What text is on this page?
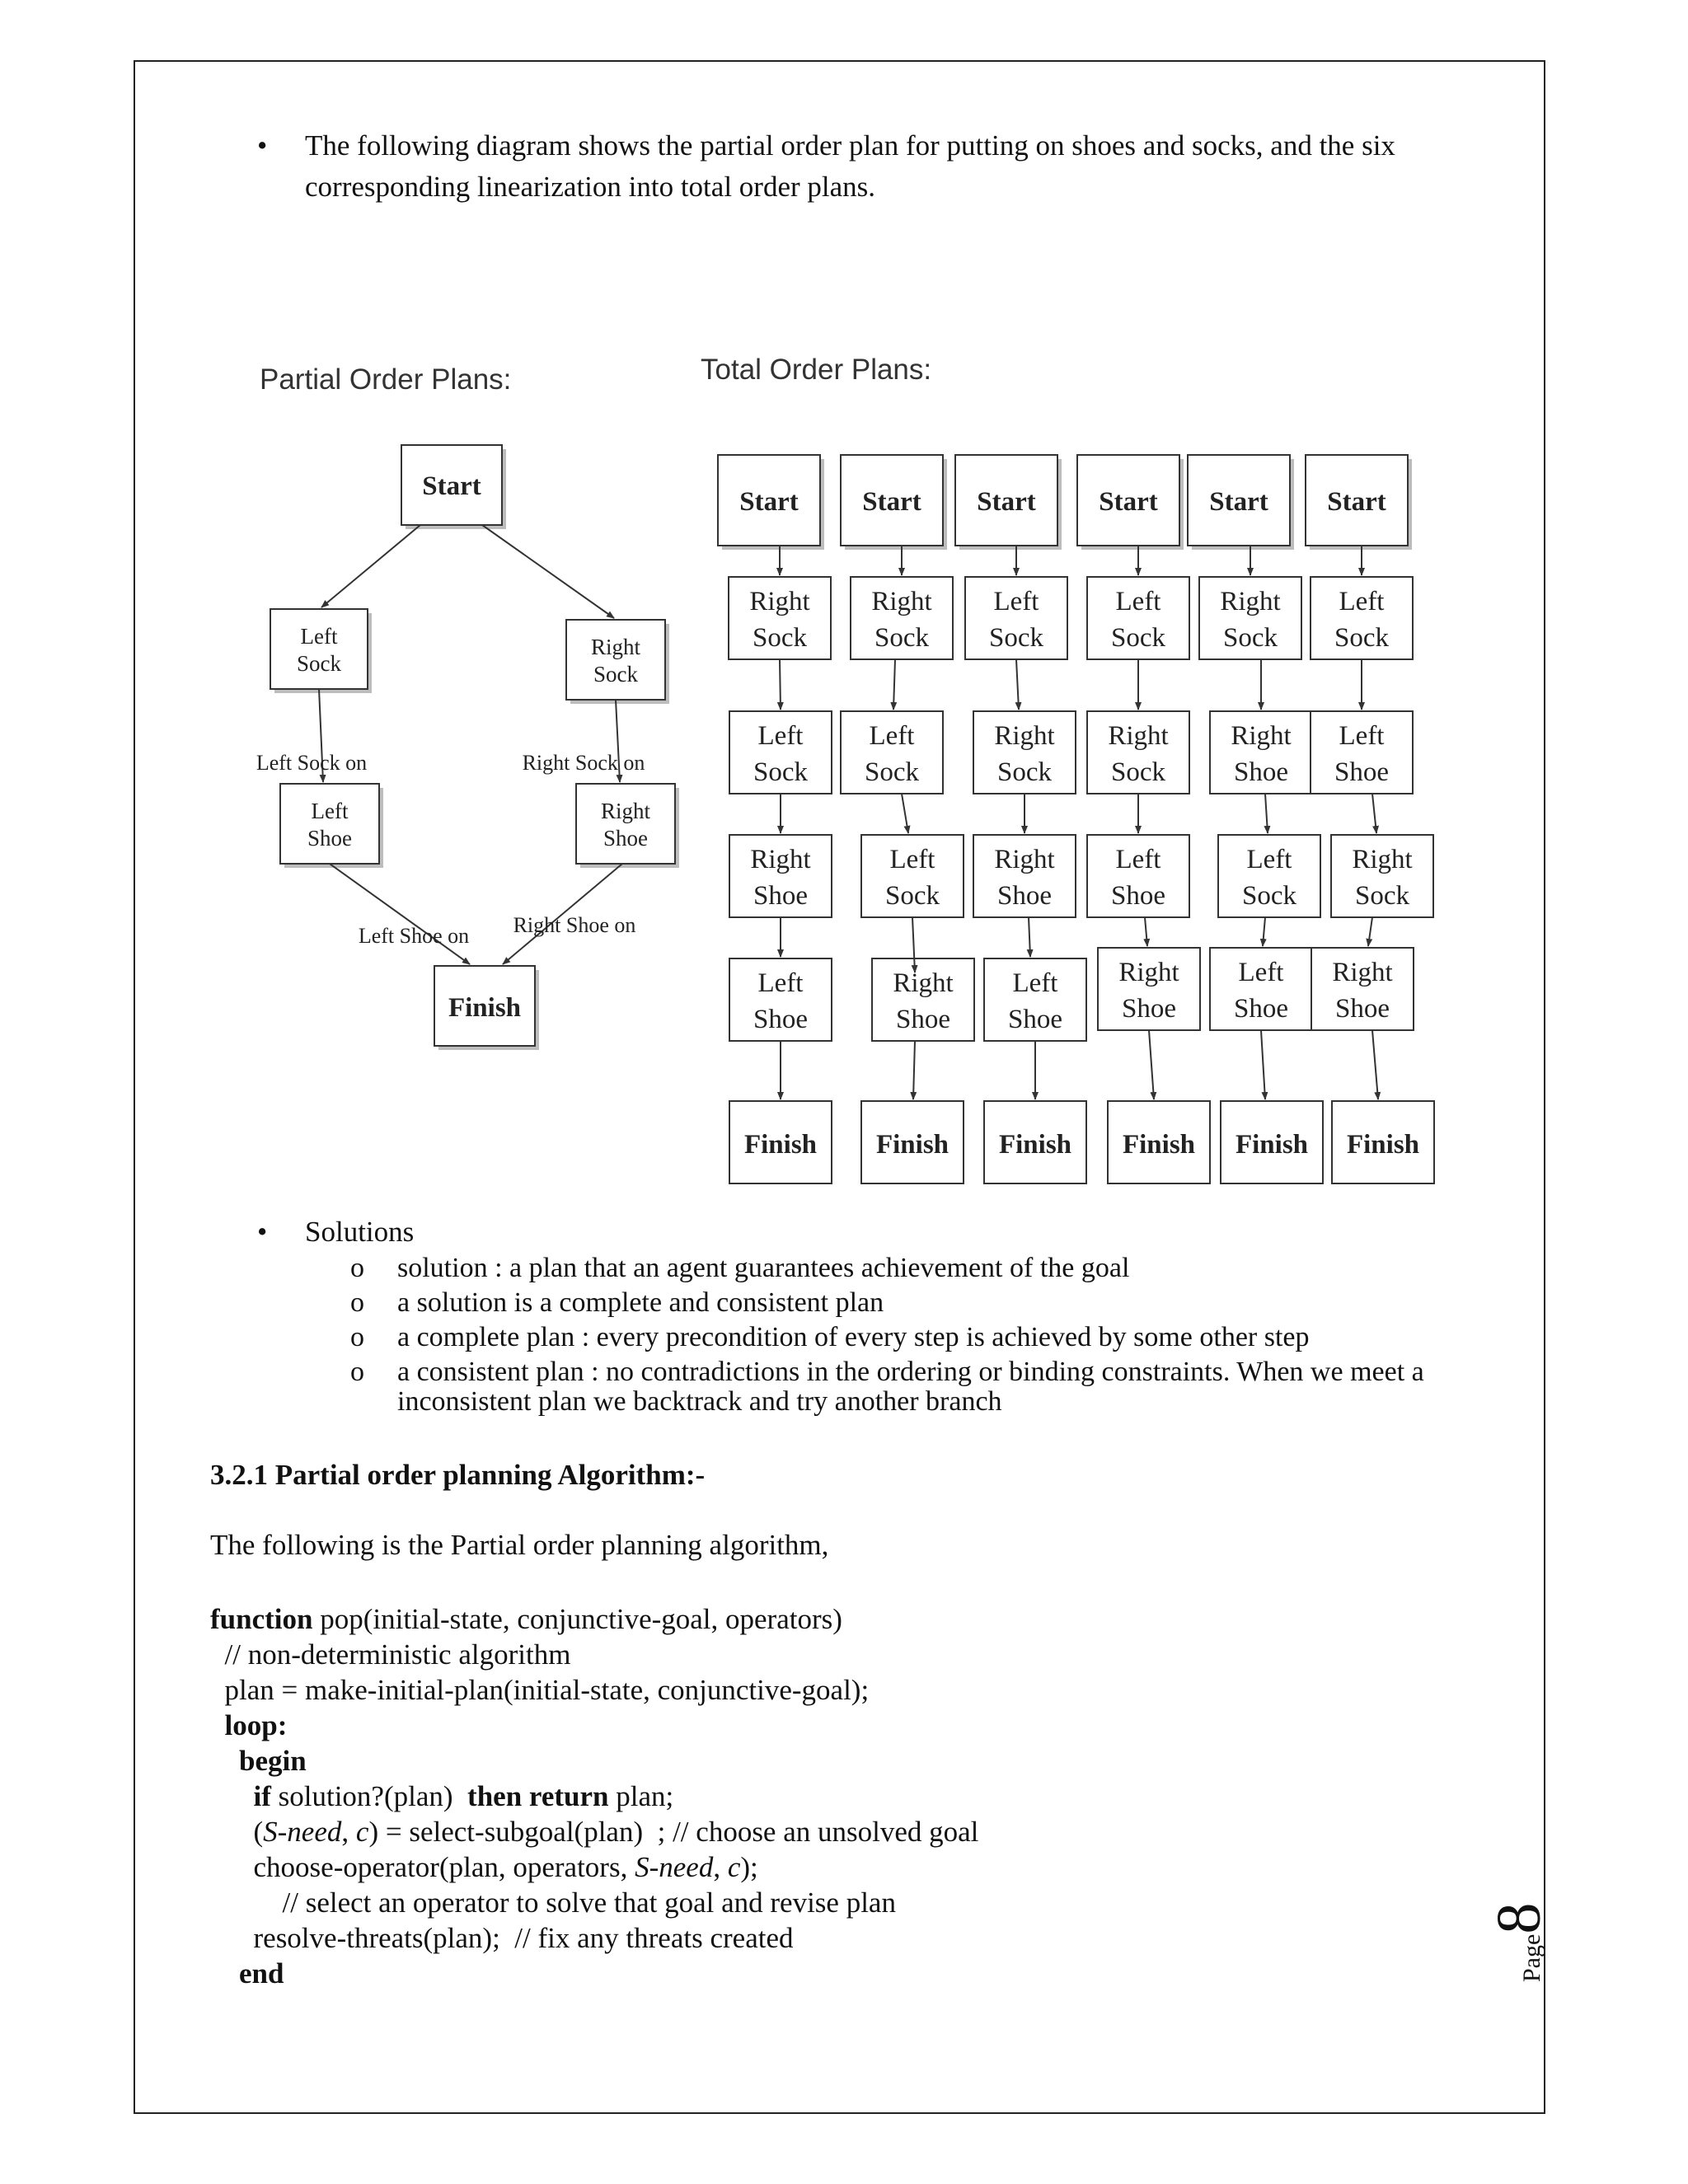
• The following diagram shows the partial order plan for putting on shoes and socks, and the six corresponding linearization into total order plans.
Partial Order Plans:	Total Order Plans:
Start
Left
Sock
Right
Sock
Left
Shoe
Right
Shoe
Finish
Left Sock on	Right Sock on
Left Shoe on Right Shoe on
Start
Right
Sock
Left
Sock
Right
Shoe
Left
Shoe
Finish
Start
Right
Sock
Left
Sock
Left
Sock
Right
Shoe
Finish
Start
Left
Sock
Right
Sock
Right
Shoe
Left
Shoe
Finish
Start
Left
Sock
Right
Sock
Left
Shoe
Right
Shoe
Finish
Start
Right
Sock
Right
Shoe
Left
Sock
Left
Shoe
Finish
Start
Left
Sock
Left
Shoe
Right
Sock
Right
Shoe
Finish
• Solutions
o solution : a plan that an agent guarantees achievement of the goal
o a solution is a complete and consistent plan
o a complete plan : every precondition of every step is achieved by some other step
o a consistent plan : no contradictions in the ordering or binding constraints. When we meet a inconsistent plan we backtrack and try another branch
3.2.1 Partial order planning Algorithm:-
The following is the Partial order planning algorithm,
function pop(initial-state, conjunctive-goal, operators)
// non-deterministic algorithm
plan = make-initial-plan(initial-state, conjunctive-goal);
loop:
begin
if solution?(plan)  then return plan;
(S-need, c) = select-subgoal(plan)  ; // choose an unsolved goal
choose-operator(plan, operators, S-need, c);
// select an operator to solve that goal and revise plan
resolve-threats(plan);  // fix any threats created
end	Page8
